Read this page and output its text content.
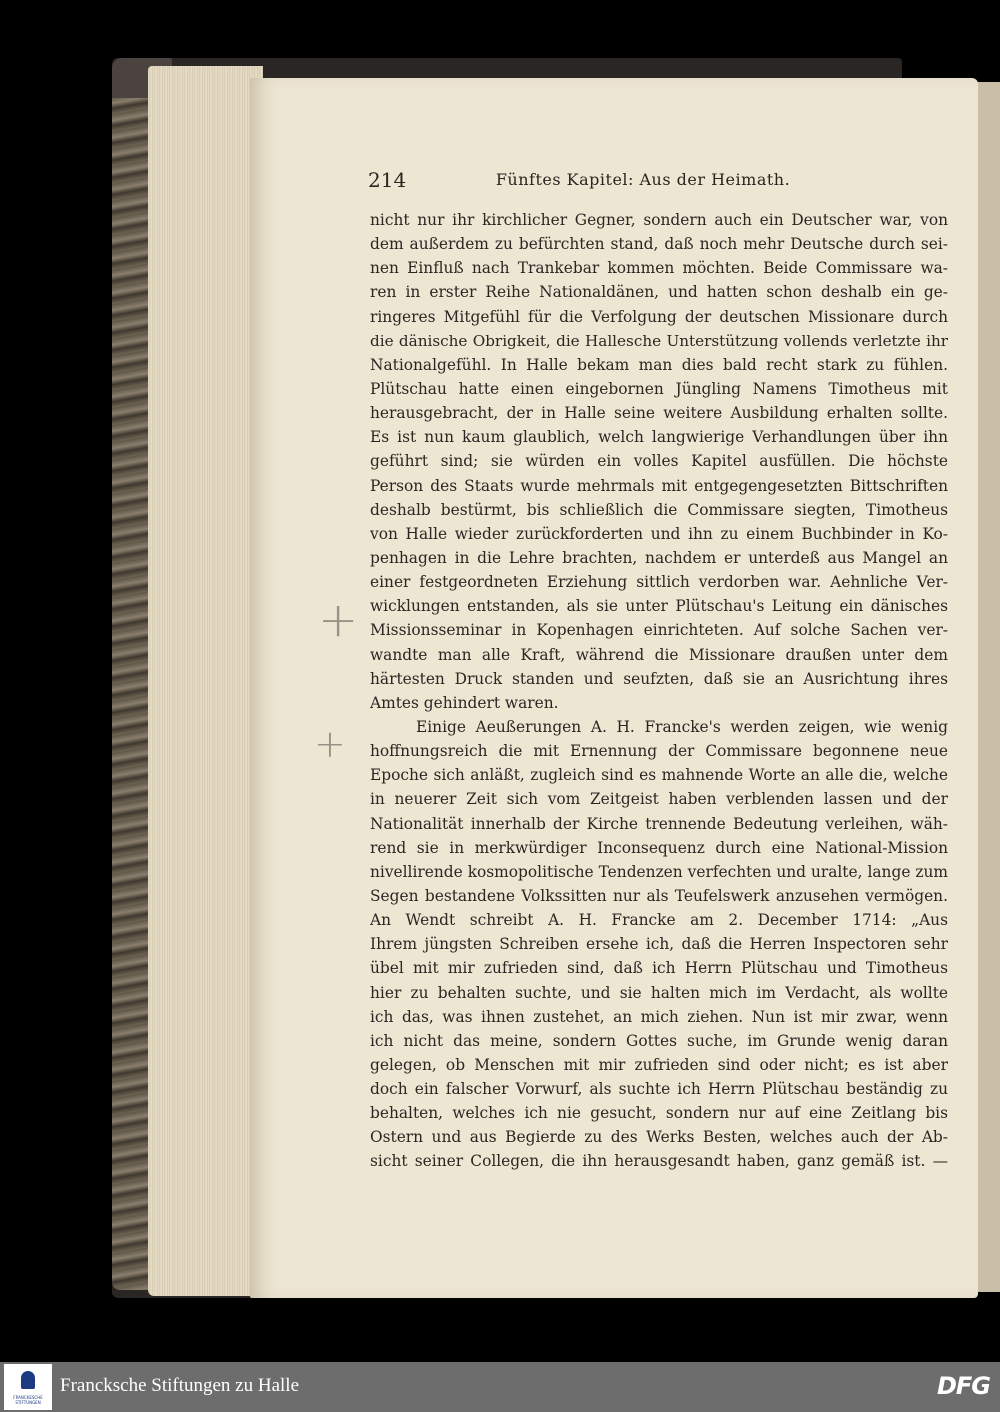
214	Fünftes Kapitel: Aus der Heimath.
nicht nur ihr kirchlicher Gegner, sondern auch ein Deutscher war, von
dem außerdem zu befürchten stand, daß noch mehr Deutsche durch sei-
nen Einfluß nach Trankebar kommen möchten. Beide Commissare wa-
ren in erster Reihe Nationaldänen, und hatten schon deshalb ein ge-
ringeres Mitgefühl für die Verfolgung der deutschen Missionare durch
die dänische Obrigkeit, die Hallesche Unterstützung vollends verletzte ihr
Nationalgefühl. In Halle bekam man dies bald recht stark zu fühlen.
Plütschau hatte einen eingebornen Jüngling Namens Timotheus mit
herausgebracht, der in Halle seine weitere Ausbildung erhalten sollte.
Es ist nun kaum glaublich, welch langwierige Verhandlungen über ihn
geführt sind; sie würden ein volles Kapitel ausfüllen. Die höchste
Person des Staats wurde mehrmals mit entgegengesetzten Bittschriften
deshalb bestürmt, bis schließlich die Commissare siegten, Timotheus
von Halle wieder zurückforderten und ihn zu einem Buchbinder in Ko-
penhagen in die Lehre brachten, nachdem er unterdeß aus Mangel an
einer festgeordneten Erziehung sittlich verdorben war. Aehnliche Ver-
wicklungen entstanden, als sie unter Plütschau's Leitung ein dänisches
Missionsseminar in Kopenhagen einrichteten. Auf solche Sachen ver-
wandte man alle Kraft, während die Missionare draußen unter dem
härtesten Druck standen und seufzten, daß sie an Ausrichtung ihres
Amtes gehindert waren.
Einige Aeußerungen A. H. Francke's werden zeigen, wie wenig
hoffnungsreich die mit Ernennung der Commissare begonnene neue
Epoche sich anläßt, zugleich sind es mahnende Worte an alle die, welche
in neuerer Zeit sich vom Zeitgeist haben verblenden lassen und der
Nationalität innerhalb der Kirche trennende Bedeutung verleihen, wäh-
rend sie in merkwürdiger Inconsequenz durch eine National-Mission
nivellirende kosmopolitische Tendenzen verfechten und uralte, lange zum
Segen bestandene Volkssitten nur als Teufelswerk anzusehen vermögen.
An Wendt schreibt A. H. Francke am 2. December 1714: „Aus
Ihrem jüngsten Schreiben ersehe ich, daß die Herren Inspectoren sehr
übel mit mir zufrieden sind, daß ich Herrn Plütschau und Timotheus
hier zu behalten suchte, und sie halten mich im Verdacht, als wollte
ich das, was ihnen zustehet, an mich ziehen. Nun ist mir zwar, wenn
ich nicht das meine, sondern Gottes suche, im Grunde wenig daran
gelegen, ob Menschen mit mir zufrieden sind oder nicht; es ist aber
doch ein falscher Vorwurf, als suchte ich Herrn Plütschau beständig zu
behalten, welches ich nie gesucht, sondern nur auf eine Zeitlang bis
Ostern und aus Begierde zu des Werks Besten, welches auch der Ab-
sicht seiner Collegen, die ihn herausgesandt haben, ganz gemäß ist. —
+
+
FRANCKESCHE STIFTUNGEN
Francksche Stiftungen zu Halle	DFG
